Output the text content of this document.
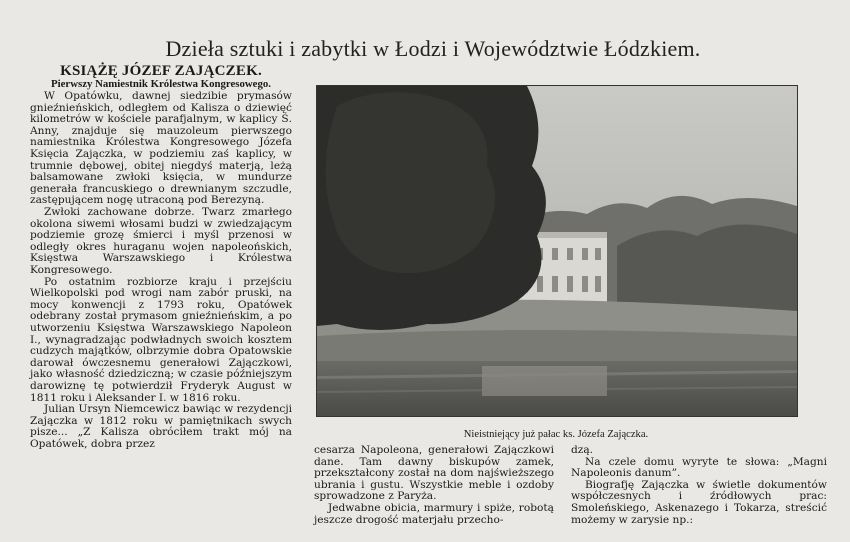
Dzieła sztuki i zabytki w Łodzi i Województwie Łódzkiem.
KSIĄŻĘ JÓZEF ZAJĄCZEK.
Pierwszy Namiestnik Królestwa Kongresowego.

W Opatówku, dawnej siedzibie prymasów gnieźnieńskich, odległem od Kalisza o dziewięć kilometrów w kościele parafjalnym, w kaplicy Ś. Anny, znajduje się mauzoleum pierwszego namiestnika Królestwa Kongresowego Józefa Księcia Zajączka, w podziemiu zaś kaplicy, w trumnie dębowej, obitej niegdyś materją, leżą balsamowane zwłoki księcia, w mundurze generała francuskiego o drewnianym szczudle, zastępującem nogę utraconą pod Berezyną.

Zwłoki zachowane dobrze. Twarz zmarłego okolona siwemi włosami budzi w zwiedzającym podziemie grozę śmierci i myśl przenosi w odległy okres huraganu wojen napoleońskich, Księstwa Warszawskiego i Królestwa Kongresowego.

Po ostatnim rozbiorze kraju i przejściu Wielkopolski pod wrogi nam zabór pruski, na mocy konwencji z 1793 roku, Opatówek odebrany został prymasom gnieźnieńskim, a po utworzeniu Księstwa Warszawskiego Napoleon I., wynagradzając podwładnych swoich kosztem cudzych majątków, olbrzymie dobra Opatowskie darował ówczesnemu generałowi Zajączkowi, jako własność dziedziczną; w czasie późniejszym darowiznę tę potwierdził Fryderyk August w 1811 roku i Aleksander I. w 1816 roku.

Julian Ursyn Niemcewicz bawiąc w rezydencji Zajączka w 1812 roku w pamiętnikach swych pisze... „Z Kalisza obróciłem trakt mój na Opatówek, dobra przez

Nieistniejący już pałac ks. Józefa Zajączka.

cesarza Napoleona, generałowi Zajączkowi dane. Tam dawny biskupów zamek, przekształcony został na dom najświeższego ubrania i gustu. Wszystkie meble i ozdoby sprowadzone z Paryża.

Jedwabne obicia, marmury i spiże, robotą jeszcze drogość materjału przecho-

dzą.

Na czele domu wyryte te słowa: „Magni Napoleonis danum”.

Biografję Zajączka w świetle dokumentów współczesnych i źródłowych prac: Smoleńskiego, Askenazego i Tokarza, streścić możemy w zarysie np.:
